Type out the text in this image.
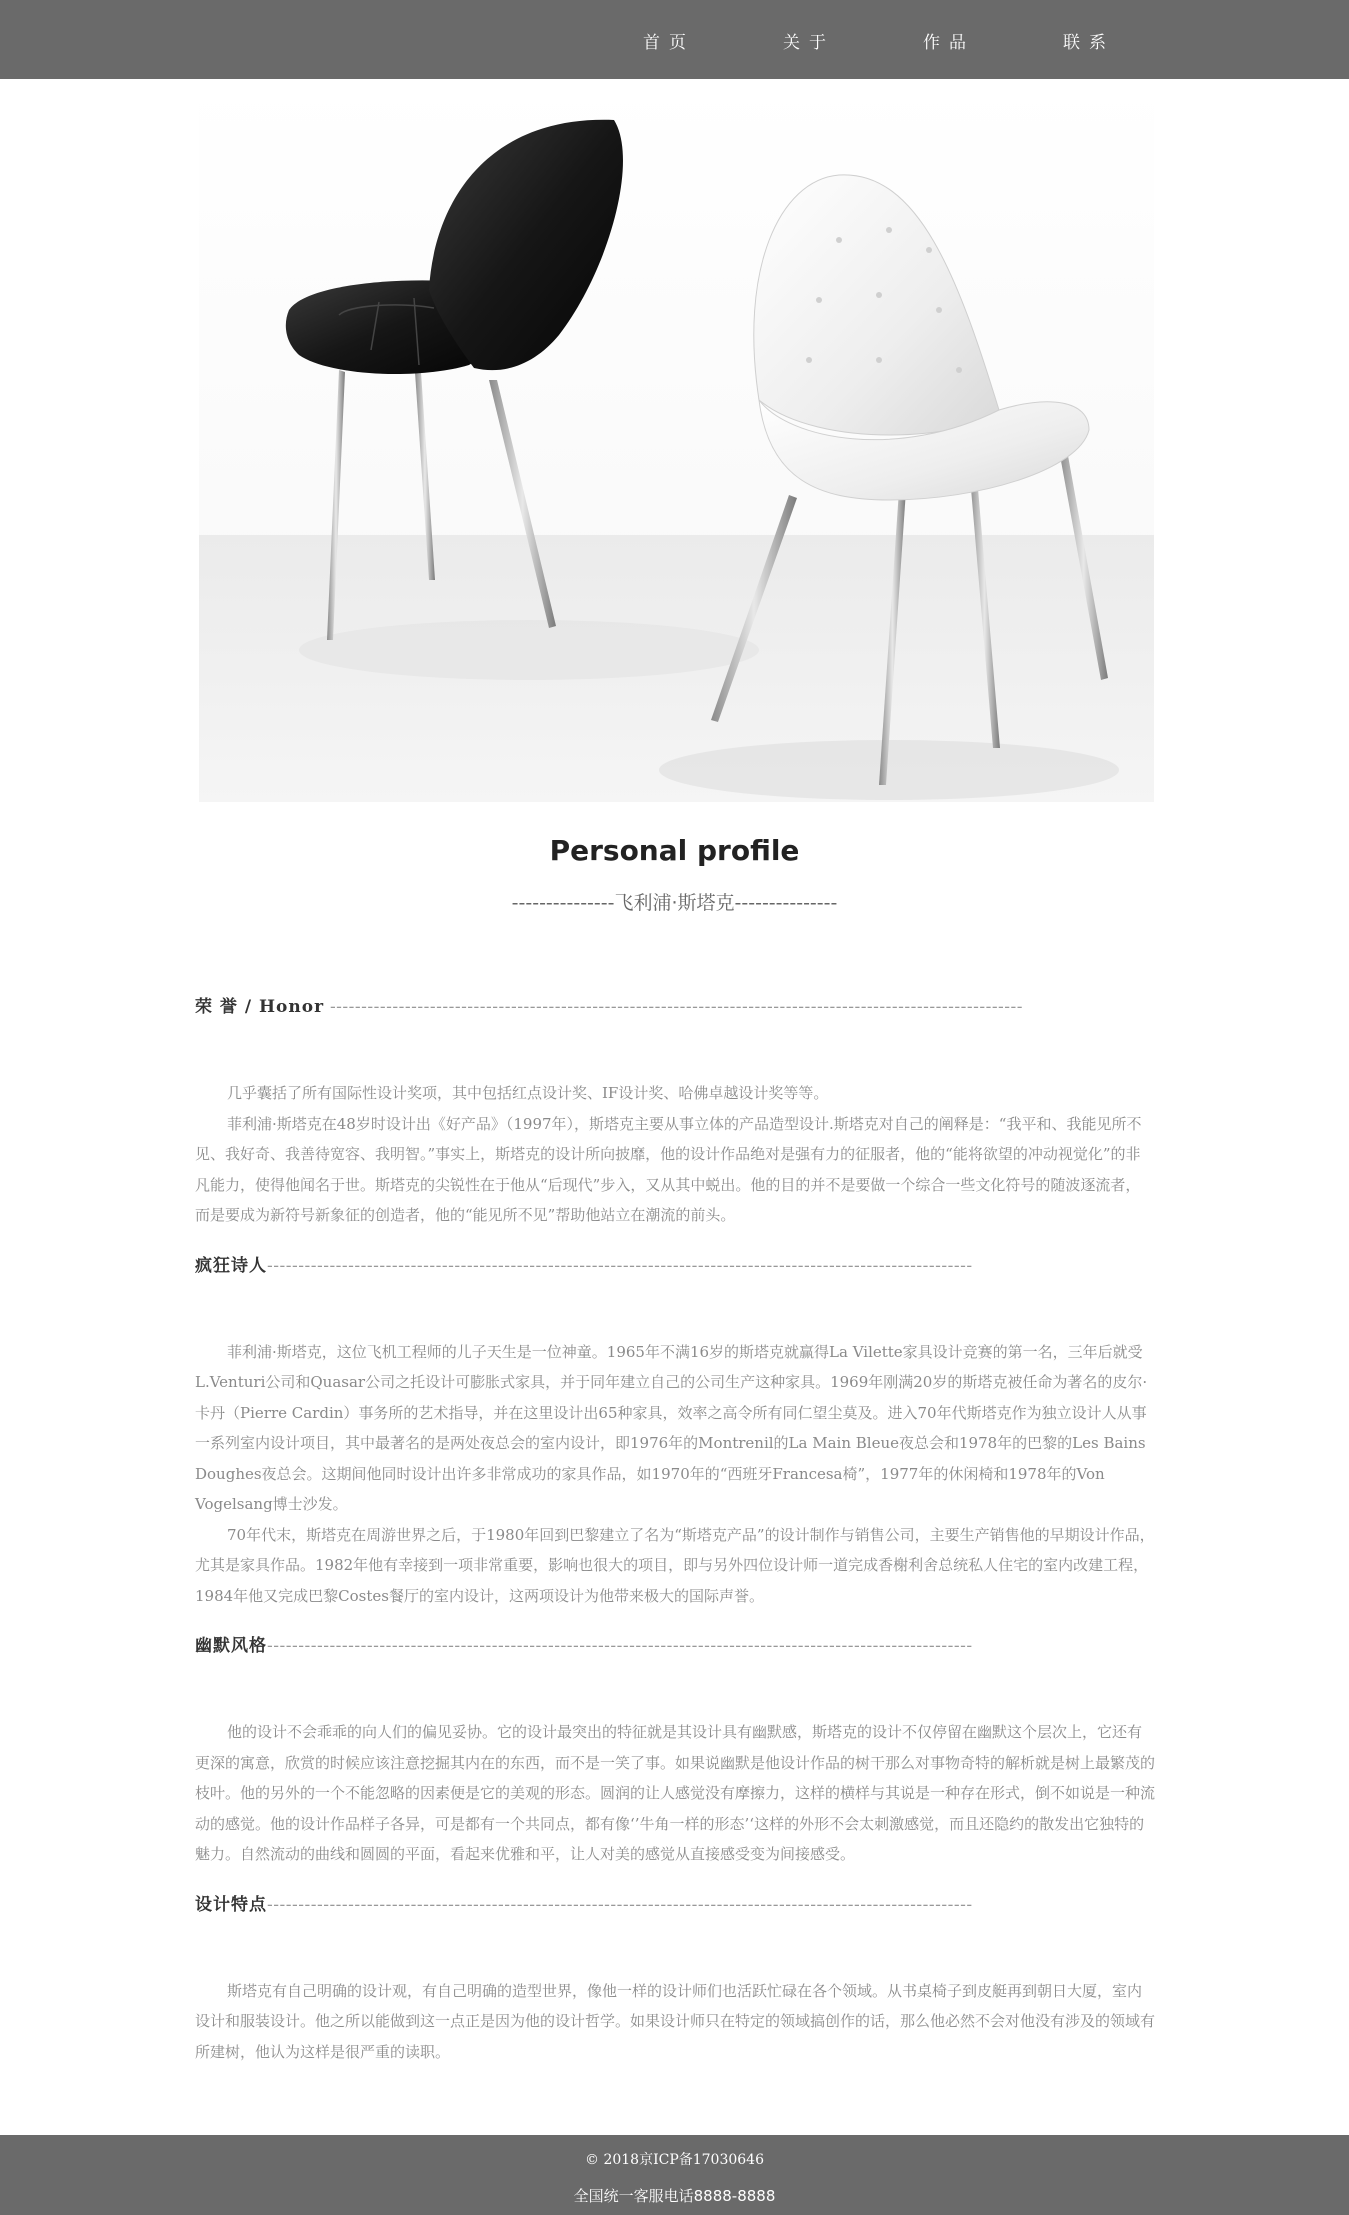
首页	关于	作品	联系
Personal profile
---------------飞利浦·斯塔克---------------
荣 誉 / Honor ---------------------------------------------------------------------------------------------------------------

几乎囊括了所有国际性设计奖项，其中包括红点设计奖、IF设计奖、哈佛卓越设计奖等等。

菲利浦·斯塔克在48岁时设计出《好产品》（1997年），斯塔克主要从事立体的产品造型设计.斯塔克对自己的阐释是：“我平和、我能见所不见、我好奇、我善待宽容、我明智。”事实上，斯塔克的设计所向披靡，他的设计作品绝对是强有力的征服者，他的“能将欲望的冲动视觉化”的非凡能力，使得他闻名于世。斯塔克的尖锐性在于他从“后现代”步入，又从其中蜕出。他的目的并不是要做一个综合一些文化符号的随波逐流者，而是要成为新符号新象征的创造者，他的“能见所不见”帮助他站立在潮流的前头。

疯狂诗人-----------------------------------------------------------------------------------------------------------------

菲利浦·斯塔克，这位飞机工程师的儿子天生是一位神童。1965年不满16岁的斯塔克就赢得La Vilette家具设计竞赛的第一名，三年后就受L.Venturi公司和Quasar公司之托设计可膨胀式家具，并于同年建立自己的公司生产这种家具。1969年刚满20岁的斯塔克被任命为著名的皮尔·卡丹（Pierre Cardin）事务所的艺术指导，并在这里设计出65种家具，效率之高令所有同仁望尘莫及。进入70年代斯塔克作为独立设计人从事一系列室内设计项目，其中最著名的是两处夜总会的室内设计，即1976年的Montrenil的La Main Bleue夜总会和1978年的巴黎的Les Bains Doughes夜总会。这期间他同时设计出许多非常成功的家具作品，如1970年的“西班牙Francesa椅”，1977年的休闲椅和1978年的Von Vogelsang博士沙发。

70年代末，斯塔克在周游世界之后，于1980年回到巴黎建立了名为“斯塔克产品”的设计制作与销售公司，主要生产销售他的早期设计作品，尤其是家具作品。1982年他有幸接到一项非常重要，影响也很大的项目，即与另外四位设计师一道完成香榭利舍总统私人住宅的室内改建工程，1984年他又完成巴黎Costes餐厅的室内设计，这两项设计为他带来极大的国际声誉。

幽默风格-----------------------------------------------------------------------------------------------------------------

他的设计不会乖乖的向人们的偏见妥协。它的设计最突出的特征就是其设计具有幽默感，斯塔克的设计不仅停留在幽默这个层次上，它还有更深的寓意，欣赏的时候应该注意挖掘其内在的东西，而不是一笑了事。如果说幽默是他设计作品的树干那么对事物奇特的解析就是树上最繁茂的枝叶。他的另外的一个不能忽略的因素便是它的美观的形态。圆润的让人感觉没有摩擦力，这样的横样与其说是一种存在形式，倒不如说是一种流动的感觉。他的设计作品样子各异，可是都有一个共同点，都有像‘’牛角一样的形态’‘这样的外形不会太刺激感觉，而且还隐约的散发出它独特的魅力。自然流动的曲线和圆圆的平面，看起来优雅和平，让人对美的感觉从直接感受变为间接感受。

设计特点-----------------------------------------------------------------------------------------------------------------

斯塔克有自己明确的设计观，有自己明确的造型世界，像他一样的设计师们也活跃忙碌在各个领域。从书桌椅子到皮艇再到朝日大厦，室内设计和服装设计。他之所以能做到这一点正是因为他的设计哲学。如果设计师只在特定的领域搞创作的话，那么他必然不会对他没有涉及的领域有所建树，他认为这样是很严重的读职。

© 2018京ICP备17030646
全国统一客服电话8888-8888
